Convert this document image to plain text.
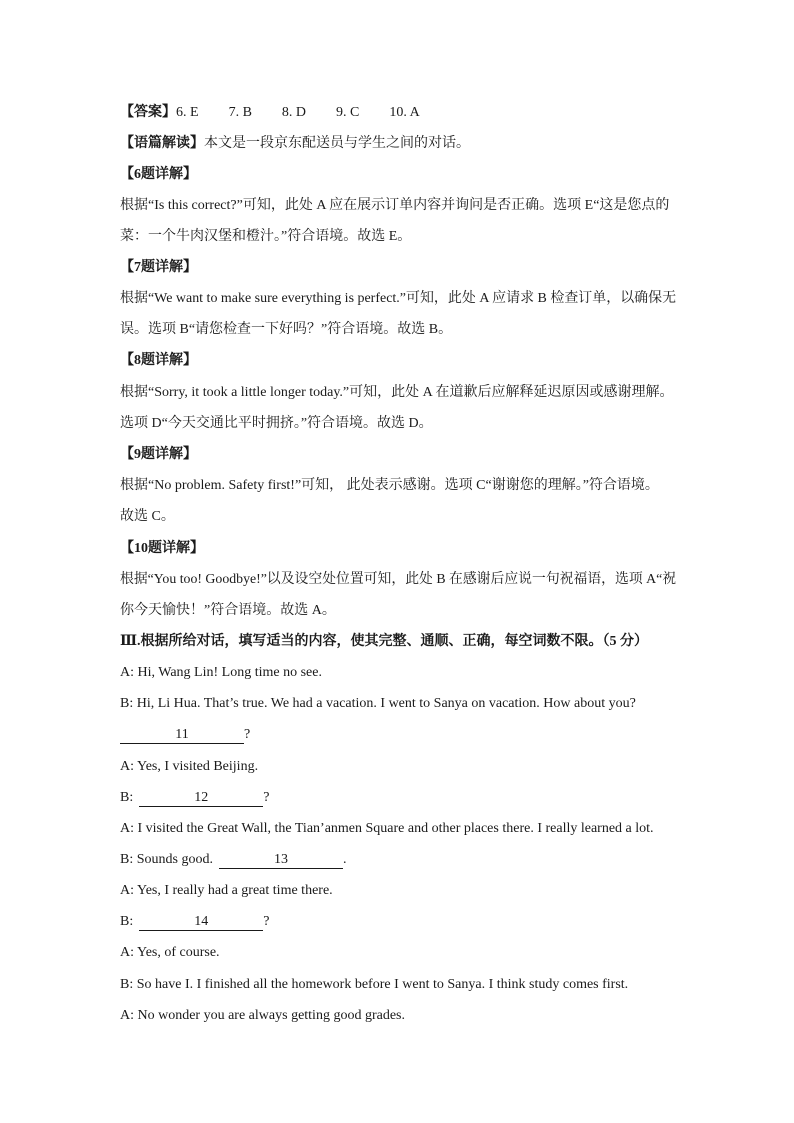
【答案】6. E 7. B 8. D 9. C 10. A
【语篇解读】本文是一段京东配送员与学生之间的对话。
【6题详解】
根据“Is this correct?”可知，此处 A 应在展示订单内容并询问是否正确。选项 E“这是您点的
菜：一个牛肉汉堡和橙汁。”符合语境。故选 E。
【7题详解】
根据“We want to make sure everything is perfect.”可知，此处 A 应请求 B 检查订单，以确保无
误。选项 B“请您检查一下好吗？”符合语境。故选 B。
【8题详解】
根据“Sorry, it took a little longer today.”可知，此处 A 在道歉后应解释延迟原因或感谢理解。
选项 D“今天交通比平时拥挤。”符合语境。故选 D。
【9题详解】
根据“No problem. Safety first!”可知， 此处表示感谢。选项 C“谢谢您的理解。”符合语境。
故选 C。
【10题详解】
根据“You too! Goodbye!”以及设空处位置可知，此处 B 在感谢后应说一句祝福语，选项 A“祝
你今天愉快！”符合语境。故选 A。
Ⅲ.根据所给对话，填写适当的内容，使其完整、通顺、正确，每空词数不限。（5 分）
A: Hi, Wang Lin! Long time no see.
B: Hi, Li Hua. That’s true. We had a vacation. I went to Sanya on vacation. How about you?
11	?
A: Yes, I visited Beijing.
B:	12	?
A: I visited the Great Wall, the Tian’anmen Square and other places there. I really learned a lot.
B: Sounds good.	13	.
A: Yes, I really had a great time there.
B:	14	?
A: Yes, of course.
B: So have I. I finished all the homework before I went to Sanya. I think study comes first.
A: No wonder you are always getting good grades.
